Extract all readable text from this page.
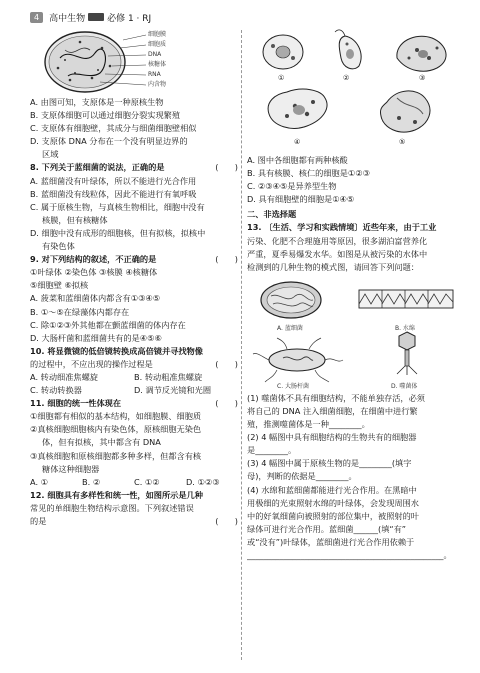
4	高中生物 必修 1 · RJ
细胞膜
细胞质
DNA
核糖体
RNA
内含物
A. 由图可知，支原体是一种原核生物
B. 支原体细胞可以通过细胞分裂实现繁殖
C. 支原体有细胞壁，其成分与细菌细胞壁相似
D. 支原体 DNA 分布在一个没有明显边界的
区域
8. 下列关于蓝细菌的说法，正确的是	(　　)
A. 蓝细菌没有叶绿体，所以不能进行光合作用
B. 蓝细菌没有线粒体，因此不能进行有氧呼吸
C. 属于原核生物，与真核生物相比，细胞中没有
核膜，但有核糖体
D. 细胞中没有成形的细胞核，但有拟核，拟核中
有染色体
9. 对下列结构的叙述，不正确的是	(　　)
①叶绿体 ②染色体 ③核膜 ④核糖体
⑤细胞壁 ⑥拟核
A. 菠菜和蓝细菌体内都含有①③④⑤
B. ①～⑤在绿藻体内都存在
C. 除①②③外其他都在颤蓝细菌的体内存在
D. 大肠杆菌和蓝细菌共有的是④⑤⑥
10. 将显微镜的低倍镜转换成高倍镜并寻找物像
的过程中，不应出现的操作过程是	(　　)
A. 转动细准焦螺旋	B. 转动粗准焦螺旋
C. 转动转换器	D. 调节反光镜和光圈
11. 细胞的统一性体现在	(　　)
①细胞都有相似的基本结构，如细胞膜、细胞质
②真核细胞细胞核内有染色体，原核细胞无染色
体，但有拟核，其中都含有 DNA
③真核细胞和原核细胞都多种多样，但都含有核
糖体这种细胞器
A. ①	B. ②	C. ①②	D. ①②③
12. 细胞具有多样性和统一性，如图所示是几种
常见的单细胞生物结构示意图。下列叙述错误
的是	(　　)
①	②	③
④	⑤
A. 图中各细胞都有两种核酸
B. 具有核膜、核仁的细胞是①②③
C. ②③④⑤是异养型生物
D. 具有细胞壁的细胞是①④⑤
二、非选择题
13. 〔生活、学习和实践情境〕近些年来，由于工业
污染、化肥不合理施用等原因，很多湖泊富营养化
严重，夏季易爆发水华。如图是从被污染的水体中
检测到的几种生物的模式图，请回答下列问题：
A. 蓝细菌	B. 水绵
C. 大肠杆菌	D. 噬菌体
(1) 噬菌体不具有细胞结构，不能单独存活，必须
将自己的 DNA 注入细菌细胞，在细菌中进行繁
殖，推测噬菌体是一种________。
(2) 4 幅图中具有细胞结构的生物共有的细胞器
是________。
(3) 4 幅图中属于原核生物的是________(填字
母)，判断的依据是________。
(4) 水绵和蓝细菌都能进行光合作用。在黑暗中
用极细的光束照射水绵的叶绿体，会发现周围水
中的好氧细菌向被照射的部位集中，被照射的叶
绿体可进行光合作用。蓝细菌______(填“有”
或“没有”)叶绿体，蓝细菌进行光合作用依赖于
________________________________________________。
